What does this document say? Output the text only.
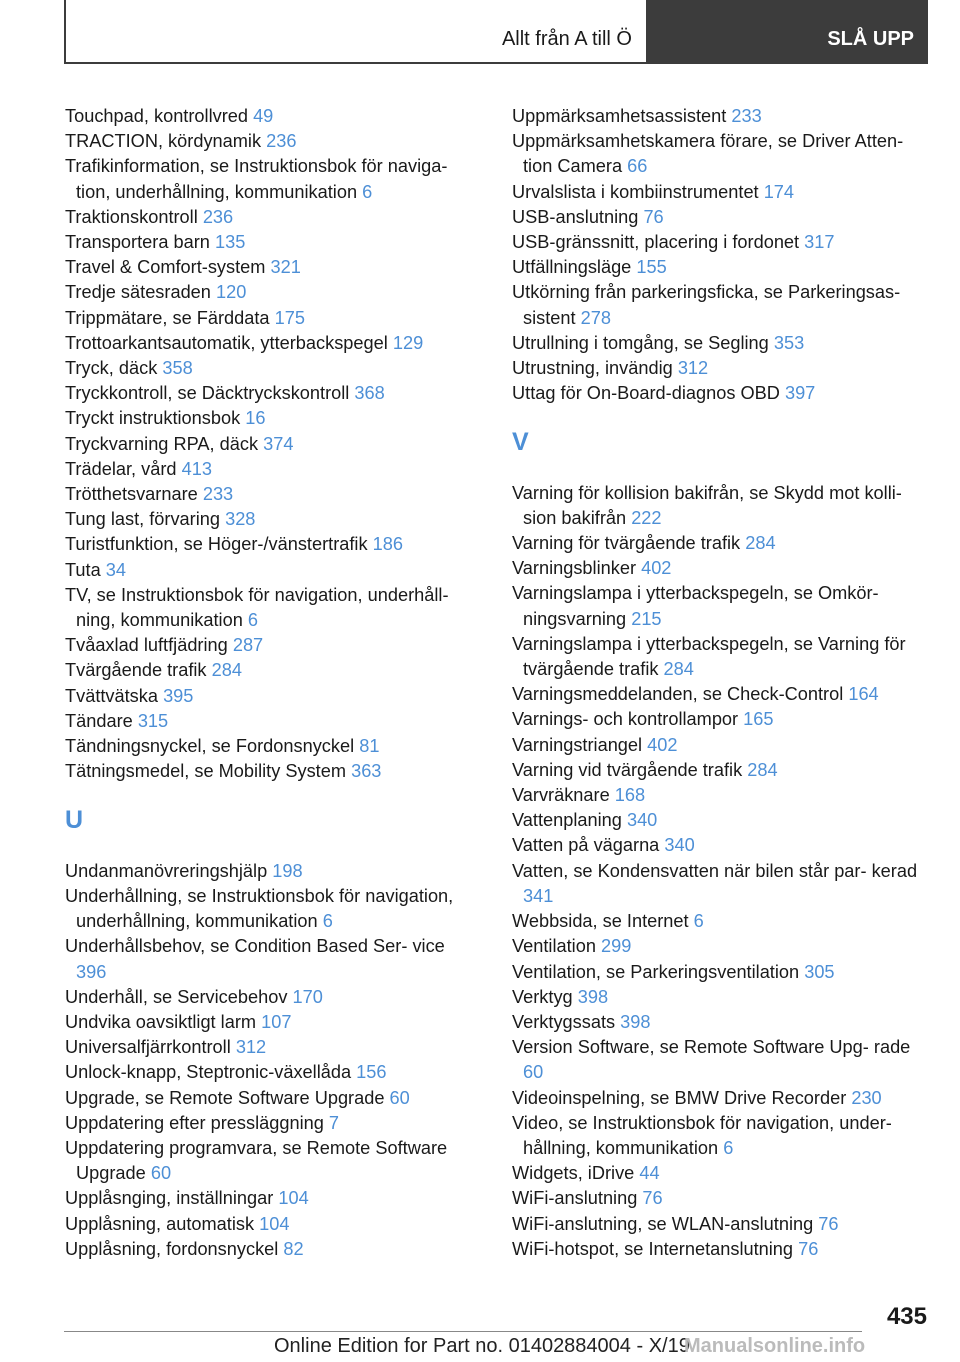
Allt från A till Ö	SLÅ UPP
Touchpad, kontrollvred 49
TRACTION, kördynamik 236
Trafikinformation, se Instruktionsbok för naviga‐ tion, underhållning, kommunikation 6
Traktionskontroll 236
Transportera barn 135
Travel & Comfort-system 321
Tredje sätesraden 120
Trippmätare, se Färddata 175
Trottoarkantsautomatik, ytterbackspegel 129
Tryck, däck 358
Tryckkontroll, se Däcktryckskontroll 368
Tryckt instruktionsbok 16
Tryckvarning RPA, däck 374
Trädelar, vård 413
Trötthetsvarnare 233
Tung last, förvaring 328
Turistfunktion, se Höger-/vänstertrafik 186
Tuta 34
TV, se Instruktionsbok för navigation, underhåll‐ ning, kommunikation 6
Tvåaxlad luftfjädring 287
Tvärgående trafik 284
Tvättvätska 395
Tändare 315
Tändningsnyckel, se Fordonsnyckel 81
Tätningsmedel, se Mobility System 363
U
Undanmanövreringshjälp 198
Underhållning, se Instruktionsbok för navigation, underhållning, kommunikation 6
Underhållsbehov, se Condition Based Ser‐ vice 396
Underhåll, se Servicebehov 170
Undvika oavsiktligt larm 107
Universalfjärrkontroll 312
Unlock-knapp, Steptronic-växellåda 156
Upgrade, se Remote Software Upgrade 60
Uppdatering efter pressläggning 7
Uppdatering programvara, se Remote Software Upgrade 60
Upplåsnging, inställningar 104
Upplåsning, automatisk 104
Upplåsning, fordonsnyckel 82
Uppmärksamhetsassistent 233
Uppmärksamhetskamera förare, se Driver Atten‐ tion Camera 66
Urvalslista i kombiinstrumentet 174
USB-anslutning 76
USB-gränssnitt, placering i fordonet 317
Utfällningsläge 155
Utkörning från parkeringsficka, se Parkeringsas‐ sistent 278
Utrullning i tomgång, se Segling 353
Utrustning, invändig 312
Uttag för On-Board-diagnos OBD 397
V
Varning för kollision bakifrån, se Skydd mot kolli‐ sion bakifrån 222
Varning för tvärgående trafik 284
Varningsblinker 402
Varningslampa i ytterbackspegeln, se Omkör‐ ningsvarning 215
Varningslampa i ytterbackspegeln, se Varning för tvärgående trafik 284
Varningsmeddelanden, se Check-Control 164
Varnings- och kontrollampor 165
Varningstriangel 402
Varning vid tvärgående trafik 284
Varvräknare 168
Vattenplaning 340
Vatten på vägarna 340
Vatten, se Kondensvatten när bilen står par‐ kerad 341
Webbsida, se Internet 6
Ventilation 299
Ventilation, se Parkeringsventilation 305
Verktyg 398
Verktygssats 398
Version Software, se Remote Software Upg‐ rade 60
Videoinspelning, se BMW Drive Recorder 230
Video, se Instruktionsbok för navigation, under‐ hållning, kommunikation 6
Widgets, iDrive 44
WiFi-anslutning 76
WiFi-anslutning, se WLAN-anslutning 76
WiFi-hotspot, se Internetanslutning 76
435
Online Edition for Part no. 01402884004 - X/19
Manualsonline.info
